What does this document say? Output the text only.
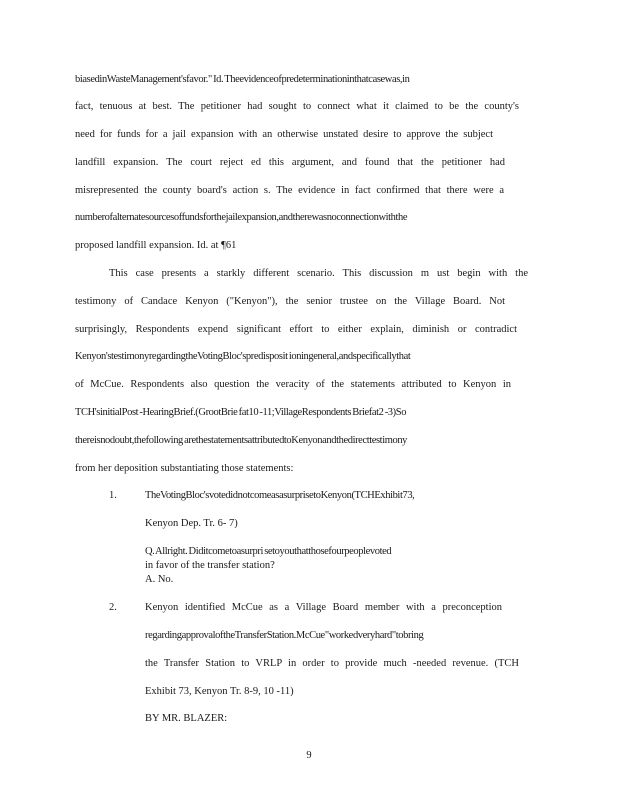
biasedinWasteManagement'sfavor." Id. Theevidenceofpredeterminationinthatcasewas,in
fact, tenuous at best. The petitioner had sought to connect what it claimed to be the county's
need for funds for a jail expansion with an otherwise unstated desire to approve the subject
landfill expansion. The court reject ed this argument, and found that the petitioner had
misrepresented the county board's action s. The evidence in fact confirmed that there were a
numberofalternatesourcesoffundsforthejailexpansion,andtherewasnoconnectionwiththe
proposed landfill expansion. Id. at ¶61
This case presents a starkly different scenario. This discussion m ust begin with the
testimony of Candace Kenyon ("Kenyon"), the senior trustee on the Village Board. Not
surprisingly, Respondents expend significant effort to either explain, diminish or contradict
Kenyon'stestimonyregardingtheVotingBloc'spredisposit ioningeneral,andspecificallythat
of McCue. Respondents also question the veracity of the statements attributed to Kenyon in
TCH'sinitialPost -HearingBrief.(GrootBrie fat10 -11;VillageRespondents Briefat2 -3)So
therеisnodoubt,thefollowing arethestatementsattributedtoKenyonandthedirecttestimony
from her deposition substantiating those statements:
1.	TheVotingBloc'svotedidnotcomeasasurprisetoKenyon(TCHExhibit73,
Kenyon Dep. Tr. 6- 7)
Q. Allright. Diditcometoasurpri setoyouthatthosefourpeoplevoted
in favor of the transfer station?
A. No.
2.	Kenyon identified McCue as a Village Board member with a preconception
regardingapprovaloftheTransferStation.McCue"workedveryhard"tobring
the Transfer Station to VRLP in order to provide much -needed revenue. (TCH
Exhibit 73, Kenyon Tr. 8-9, 10 -11)
BY MR. BLAZER:
9
